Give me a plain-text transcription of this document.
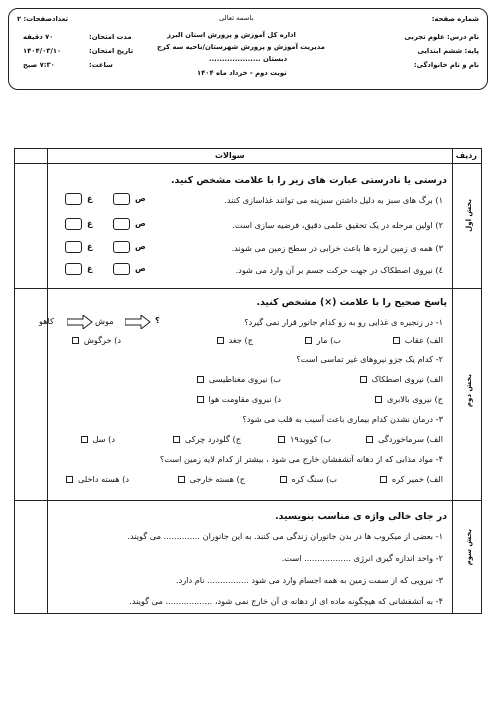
شماره صفحه:
تعدادصفحات: ۲	باسمه تعالی
اداره کل آموزش و پرورش استان البرز
مدیریت آموزش و پرورش شهرستان/ناحیه سه کرج
دبستان ....................
نوبت دوم - خرداد ماه ۱۴۰۴
نام درس: علوم تجربی
پایه: ششم ابتدایی
نام و نام خانوادگی:
مدت امتحان:
۷۰ دقیقه
تاریخ امتحان:
۱۴۰۴/۰۳/۱۰
ساعت:
۷:۳۰ صبح
ردیف
سوالات
بخش اول
درستی یا نادرستی عبارت های زیر را با علامت مشخص کنید.
۱) برگ های سبز به دلیل داشتن سبزینه می توانند غذاسازی کنند.
۲) اولین مرحله در یک تحقیق علمی دقیق، فرضیه سازی است.
۳) همه ی زمین لرزه ها باعث خرابی در سطح زمین می شوند.
٤) نیروی اصطکاک در جهت حرکت جسم بر آن وارد می شود.
ص
غ
ص
غ
ص
غ
ص
غ
بخش دوم
پاسخ صحیح را با علامت (×) مشخص کنید.
۱- در زنجیره ی غذایی رو به رو کدام جانور قرار نمی گیرد؟
؟
موش
کاهو
الف) عقاب
ب) مار
ج) جغد
د) خرگوش
۲- کدام یک جزو نیروهای غیر تماسی است؟
الف) نیروی اصطکاک
ب) نیروی مغناطیسی
ج) نیروی بالابری
د) نیروی مقاومت هوا
۳- درمان نشدن کدام بیماری باعث آسیب به قلب می شود؟
الف) سرماخوردگی
ب) کووید۱۹
ج) گلودرد چرکی
د) سل
۴- مواد مذابی که از دهانه آتشفشان خارج می شود ، بیشتر از کدام لایه زمین است؟
الف) خمیر کره
ب) سنگ کره
ج) هسته خارجی
د) هسته داخلی
بخش سوم
در جای خالی واژه ی مناسب بنویسید.
۱- بعضی از میکروب ها در بدن جانوران زندگی می کنند. به این جانوران .............. می گویند.
۲- واحد اندازه گیری انرژی .................. است.
۳- نیرویی که از سمت زمین به همه اجسام وارد می شود ................ نام دارد.
۴- به آتشفشانی که هیچگونه ماده ای از دهانه ی آن خارج نمی شود، .................. می گویند.
